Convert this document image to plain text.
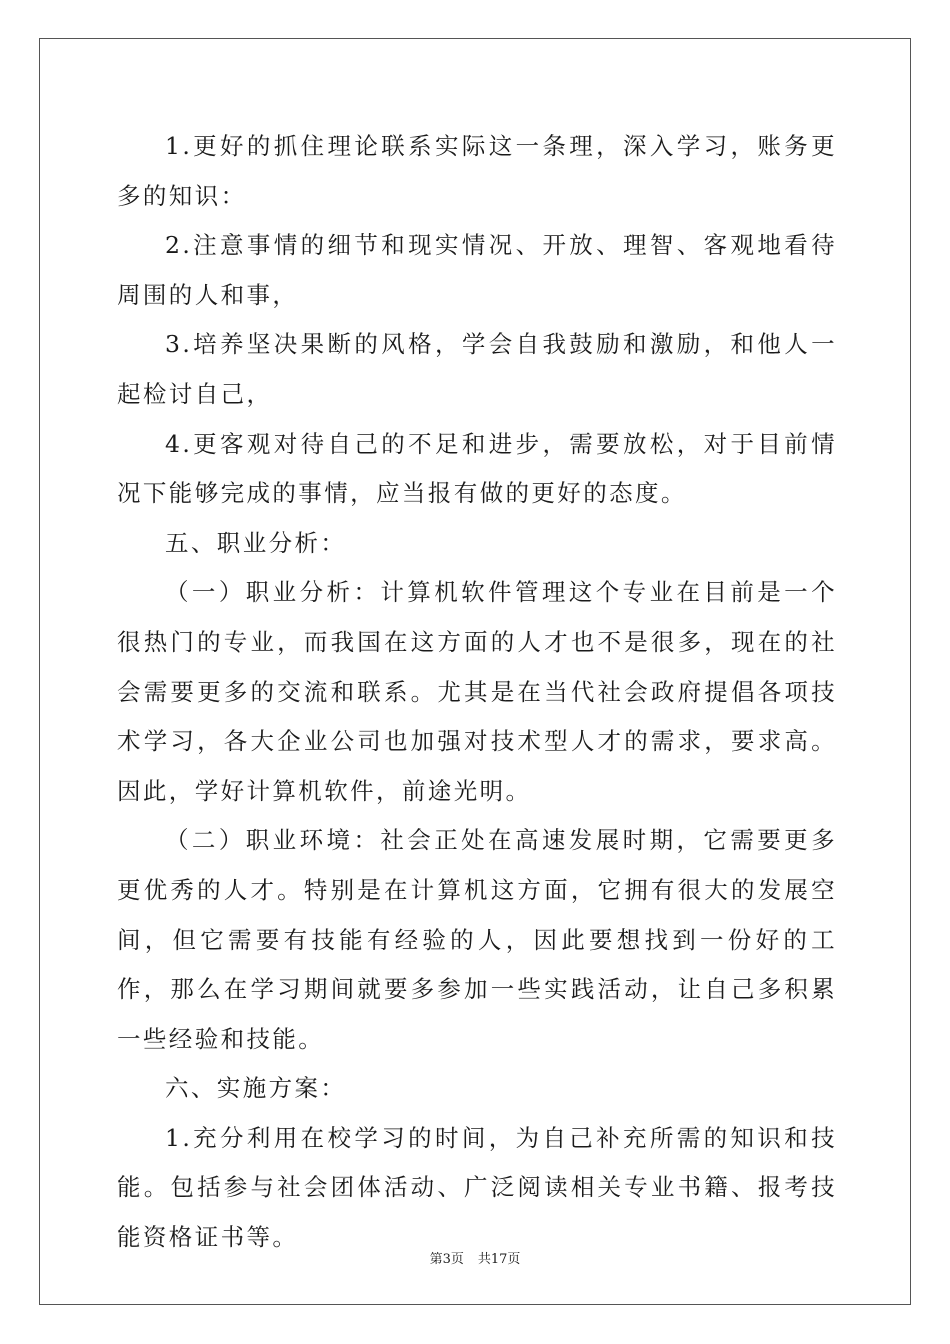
1.更好的抓住理论联系实际这一条理，深入学习，账务更多的知识：

2.注意事情的细节和现实情况、开放、理智、客观地看待周围的人和事，

3.培养坚决果断的风格，学会自我鼓励和激励，和他人一起检讨自己，

4.更客观对待自己的不足和进步，需要放松，对于目前情况下能够完成的事情，应当报有做的更好的态度。

五、职业分析：

（一）职业分析：计算机软件管理这个专业在目前是一个很热门的专业，而我国在这方面的人才也不是很多，现在的社会需要更多的交流和联系。尤其是在当代社会政府提倡各项技术学习，各大企业公司也加强对技术型人才的需求，要求高。因此，学好计算机软件，前途光明。

（二）职业环境：社会正处在高速发展时期，它需要更多更优秀的人才。特别是在计算机这方面，它拥有很大的发展空间，但它需要有技能有经验的人，因此要想找到一份好的工作，那么在学习期间就要多参加一些实践活动，让自己多积累一些经验和技能。

六、实施方案：

1.充分利用在校学习的时间，为自己补充所需的知识和技能。包括参与社会团体活动、广泛阅读相关专业书籍、报考技能资格证书等。

第3页 共17页
